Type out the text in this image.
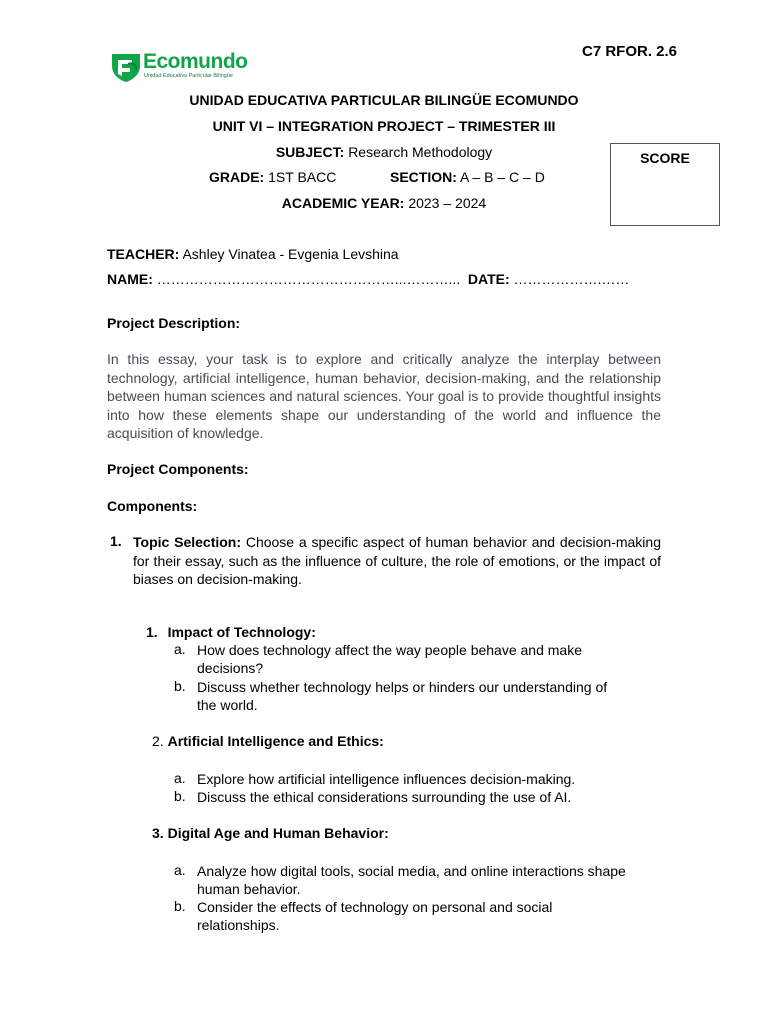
C7 RFOR. 2.6
Ecomundo
Unidad Educativa Particular Bilingüe
UNIDAD EDUCATIVA PARTICULAR BILINGÜE ECOMUNDO
UNIT VI – INTEGRATION PROJECT – TRIMESTER III
SUBJECT: Research Methodology
GRADE: 1ST BACC	SECTION: A – B – C – D
ACADEMIC YEAR: 2023 – 2024
SCORE
TEACHER: Ashley Vinatea - Evgenia Levshina
NAME: ……………………………………………...………... DATE: ……………….……
Project Description:
In this essay, your task is to explore and critically analyze the interplay between technology, artificial intelligence, human behavior, decision-making, and the relationship between human sciences and natural sciences. Your goal is to provide thoughtful insights into how these elements shape our understanding of the world and influence the acquisition of knowledge.
Project Components:
Components:
1. Topic Selection: Choose a specific aspect of human behavior and decision-making for their essay, such as the influence of culture, the role of emotions, or the impact of biases on decision-making.
1. Impact of Technology:
a. How does technology affect the way people behave and make
decisions?
b. Discuss whether technology helps or hinders our understanding of
the world.
2. Artificial Intelligence and Ethics:
a. Explore how artificial intelligence influences decision-making.
b. Discuss the ethical considerations surrounding the use of AI.
3. Digital Age and Human Behavior:
a. Analyze how digital tools, social media, and online interactions shape
human behavior.
b. Consider the effects of technology on personal and social
relationships.
